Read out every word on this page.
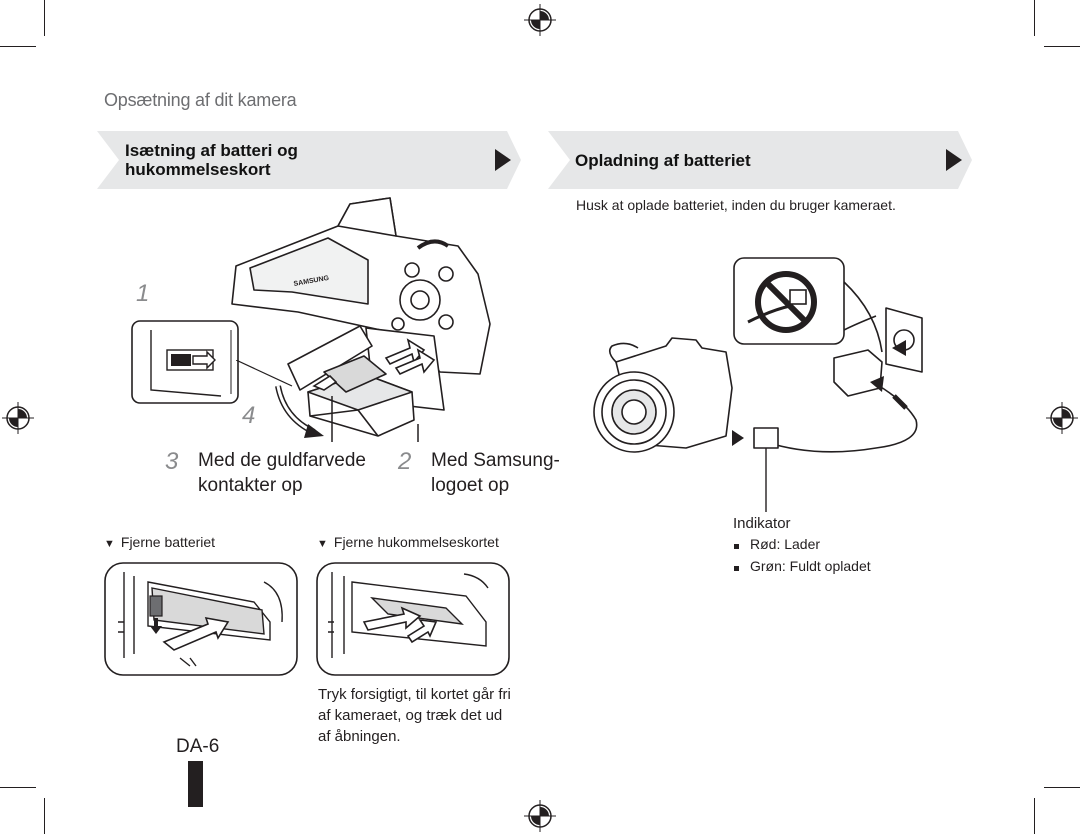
Opsætning af dit kamera
Isætning af batteri og
hukommelseskort	Opladning af batteriet
Husk at oplade batteriet, inden du bruger kameraet.
SAMSUNG
1
4
3 Med de guldfarvede
kontakter op
2 Med Samsung-
logoet op
▼ Fjerne batteriet	▼ Fjerne hukommelseskortet
Tryk forsigtigt, til kortet går fri
af kameraet, og træk det ud
af åbningen.
DA-6
Indikator
Rød: Lader
Grøn: Fuldt opladet
